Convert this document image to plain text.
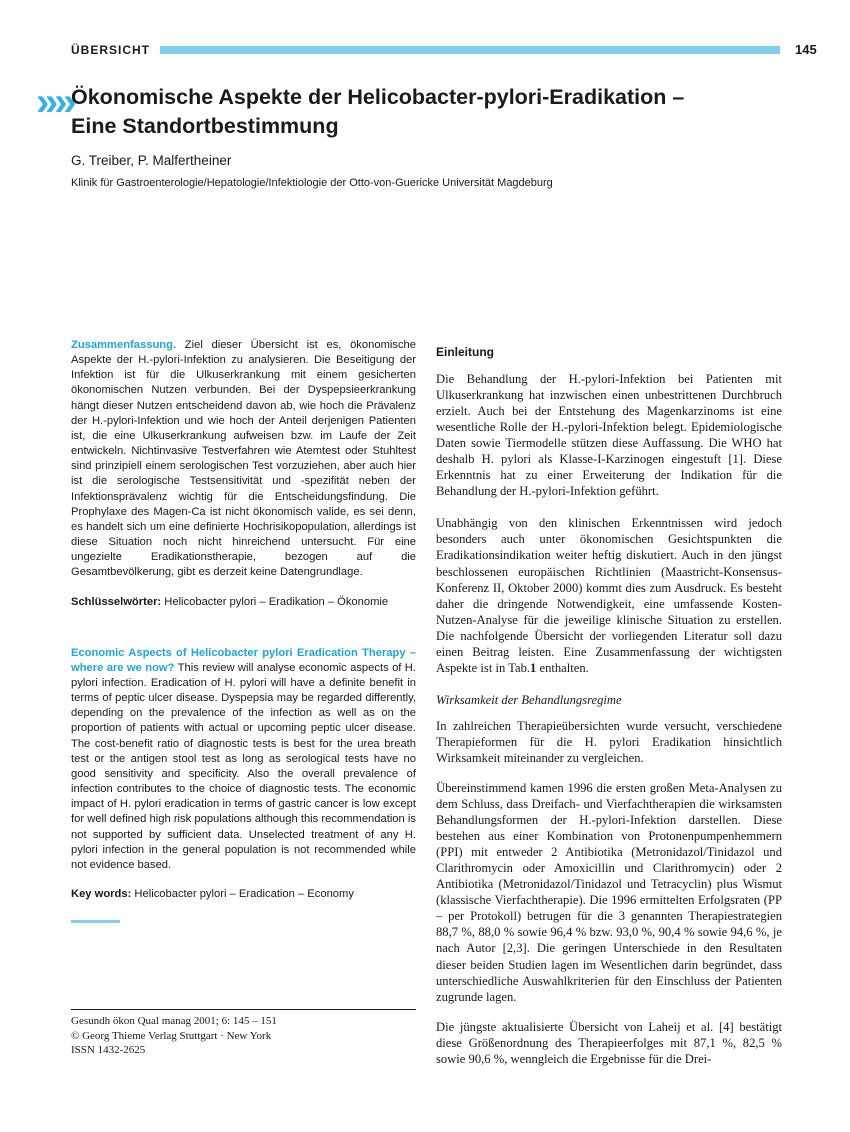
ÜBERSICHT	145
»»
Ökonomische Aspekte der Helicobacter-pylori-Eradikation –
Eine Standortbestimmung
G. Treiber, P. Malfertheiner
Klinik für Gastroenterologie/Hepatologie/Infektiologie der Otto-von-Guericke Universität Magdeburg

Zusammenfassung. Ziel dieser Übersicht ist es, ökonomische Aspekte der H.-pylori-Infektion zu analysieren. Die Beseitigung der Infektion ist für die Ulkuserkrankung mit einem gesicherten ökonomischen Nutzen verbunden. Bei der Dyspepsieerkrankung hängt dieser Nutzen entscheidend davon ab, wie hoch die Prävalenz der H.-pylori-Infektion und wie hoch der Anteil derjenigen Patienten ist, die eine Ulkuserkrankung aufweisen bzw. im Laufe der Zeit entwickeln. Nichtinvasive Testverfahren wie Atemtest oder Stuhltest sind prinzipiell einem serologischen Test vorzuziehen, aber auch hier ist die serologische Testsensitivität und -spezifität neben der Infektionsprävalenz wichtig für die Entscheidungsfindung. Die Prophylaxe des Magen-Ca ist nicht ökonomisch valide, es sei denn, es handelt sich um eine definierte Hochrisikopopulation, allerdings ist diese Situation noch nicht hinreichend untersucht. Für eine ungezielte Eradikationstherapie, bezogen auf die Gesamtbevölkerung, gibt es derzeit keine Datengrundlage.

Schlüsselwörter: Helicobacter pylori – Eradikation – Ökonomie

Economic Aspects of Helicobacter pylori Eradication Therapy – where are we now? This review will analyse economic aspects of H. pylori infection. Eradication of H. pylori will have a definite benefit in terms of peptic ulcer disease. Dyspepsia may be regarded differently, depending on the prevalence of the infection as well as on the proportion of patients with actual or upcoming peptic ulcer disease. The cost-benefit ratio of diagnostic tests is best for the urea breath test or the antigen stool test as long as serological tests have no good sensitivity and specificity. Also the overall prevalence of infection contributes to the choice of diagnostic tests. The economic impact of H. pylori eradication in terms of gastric cancer is low except for well defined high risk populations although this recommendation is not supported by sufficient data. Unselected treatment of any H. pylori infection in the general population is not recommended while not evidence based.

Key words: Helicobacter pylori – Eradication – Economy

Gesundh ökon Qual manag 2001; 6: 145 – 151
© Georg Thieme Verlag Stuttgart · New York
ISSN 1432-2625
Einleitung

Die Behandlung der H.-pylori-Infektion bei Patienten mit Ulkuserkrankung hat inzwischen einen unbestrittenen Durchbruch erzielt. Auch bei der Entstehung des Magenkarzinoms ist eine wesentliche Rolle der H.-pylori-Infektion belegt. Epidemiologische Daten sowie Tiermodelle stützen diese Auffassung. Die WHO hat deshalb H. pylori als Klasse-I-Karzinogen eingestuft [1]. Diese Erkenntnis hat zu einer Erweiterung der Indikation für die Behandlung der H.-pylori-Infektion geführt.

Unabhängig von den klinischen Erkenntnissen wird jedoch besonders auch unter ökonomischen Gesichtspunkten die Eradikationsindikation weiter heftig diskutiert. Auch in den jüngst beschlossenen europäischen Richtlinien (Maastricht-Konsensus-Konferenz II, Oktober 2000) kommt dies zum Ausdruck. Es besteht daher die dringende Notwendigkeit, eine umfassende Kosten-Nutzen-Analyse für die jeweilige klinische Situation zu erstellen. Die nachfolgende Übersicht der vorliegenden Literatur soll dazu einen Beitrag leisten. Eine Zusammenfassung der wichtigsten Aspekte ist in Tab.1 enthalten.

Wirksamkeit der Behandlungsregime

In zahlreichen Therapieübersichten wurde versucht, verschiedene Therapieformen für die H. pylori Eradikation hinsichtlich Wirksamkeit miteinander zu vergleichen.

Übereinstimmend kamen 1996 die ersten großen Meta-Analysen zu dem Schluss, dass Dreifach- und Vierfachtherapien die wirksamsten Behandlungsformen der H.-pylori-Infektion darstellen. Diese bestehen aus einer Kombination von Protonenpumpenhemmern (PPI) mit entweder 2 Antibiotika (Metronidazol/Tinidazol und Clarithromycin oder Amoxicillin und Clarithromycin) oder 2 Antibiotika (Metronidazol/Tinidazol und Tetracyclin) plus Wismut (klassische Vierfachtherapie). Die 1996 ermittelten Erfolgsraten (PP – per Protokoll) betrugen für die 3 genannten Therapiestrategien 88,7 %, 88,0 % sowie 96,4 % bzw. 93,0 %, 90,4 % sowie 94,6 %, je nach Autor [2,3]. Die geringen Unterschiede in den Resultaten dieser beiden Studien lagen im Wesentlichen darin begründet, dass unterschiedliche Auswahlkriterien für den Einschluss der Patienten zugrunde lagen.

Die jüngste aktualisierte Übersicht von Laheij et al. [4] bestätigt diese Größenordnung des Therapieerfolges mit 87,1 %, 82,5 % sowie 90,6 %, wenngleich die Ergebnisse für die Drei-
